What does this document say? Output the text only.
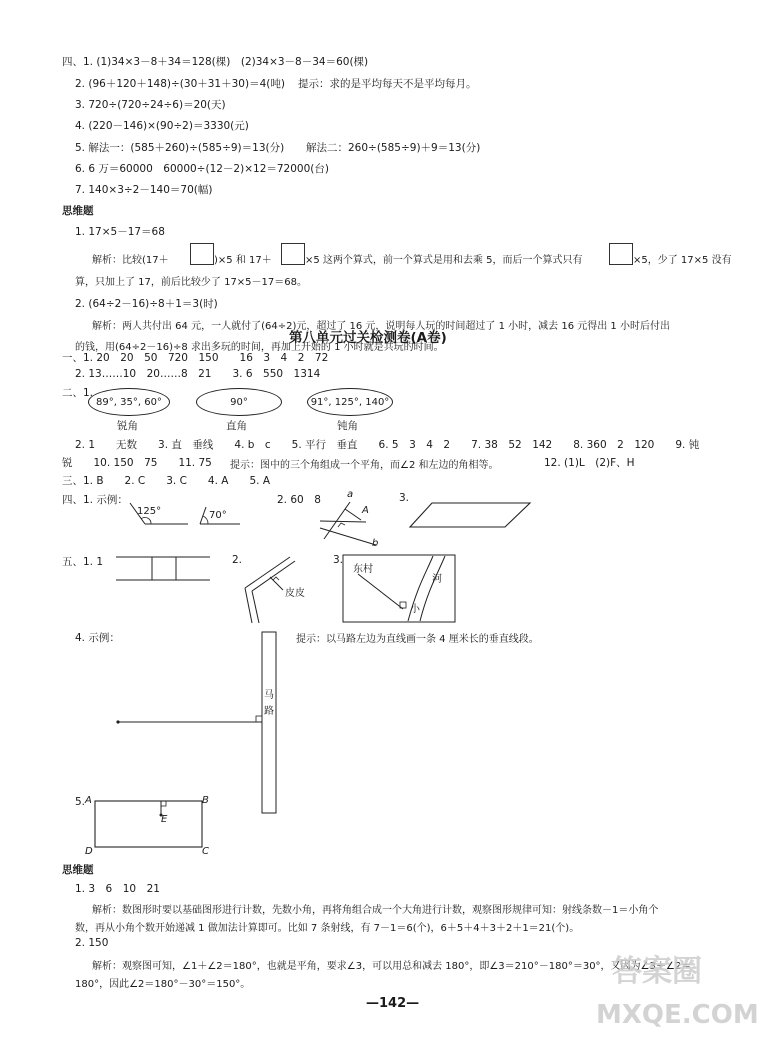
四、1. (1)34×3－8＋34＝128(棵)　(2)34×3－8－34＝60(棵)
2. (96＋120＋148)÷(30＋31＋30)＝4(吨) 提示：求的是平均每天不是平均每月。
3. 720÷(720÷24÷6)＝20(天)
4. (220－146)×(90÷2)＝3330(元)
5. 解法一：(585＋260)÷(585÷9)＝13(分) 解法二：260÷(585÷9)＋9＝13(分)
6. 6 万＝60000　60000÷(12－2)×12＝72000(台)
7. 140×3÷2－140＝70(幅)
思维题
1. 17×5－17＝68
解析：比较(17＋	)×5 和 17＋	×5 这两个算式，前一个算式是用和去乘 5，而后一个算式只有	×5，少了 17×5 没有
算，只加上了 17，前后比较少了 17×5－17＝68。
2. (64÷2－16)÷8＋1＝3(时)
解析：两人共付出 64 元，一人就付了(64÷2)元，超过了 16 元，说明每人玩的时间超过了 1 小时，减去 16 元得出 1 小时后付出
的钱，用(64÷2－16)÷8 求出多玩的时间，再加上开始的 1 小时就是共玩的时间。
第八单元过关检测卷(A卷)
一、1. 20　20　50　720　150　　16　3　4　2　72
2. 13……10　20……8　21　　3. 6　550　1314
二、1.
89°, 35°, 60°	90°	91°, 125°, 140°
锐角	直角	钝角
2. 1　　无数　　3. 直　垂线　　4. b　c　　5. 平行　垂直　　6. 5　3　4　2　　7. 38　52　142　　8. 360　2　120　　9. 钝
锐　　10. 150　75　　11. 75 提示：图中的三个角组成一个平角，而∠2 和左边的角相等。	12. (1)L　(2)F、H
三、1. B　　2. C　　3. C　　4. A　　5. A
四、1. 示例：
125°	70°
2. 60　8	a
A
b
3.
五、1. 1	2.
皮皮
3.
东村
河
小
4. 示例：	提示：以马路左边为直线画一条 4 厘米长的垂直线段。
马
路
5. A	B
C
D
E
思维题
1. 3　6　10　21
解析：数图形时要以基础图形进行计数，先数小角，再将角组合成一个大角进行计数，观察图形规律可知：射线条数－1＝小角个
数，再从小角个数开始递减 1 做加法计算即可。比如 7 条射线，有 7－1＝6(个)，6＋5＋4＋3＋2＋1＝21(个)。
2. 150
解析：观察图可知，∠1＋∠2＝180°，也就是平角，要求∠3，可以用总和减去 180°，即∠3＝210°－180°＝30°，又因为∠3＋∠2＝
180°，因此∠2＝180°－30°＝150°。
—142—
答案圈
MXQE.COM
